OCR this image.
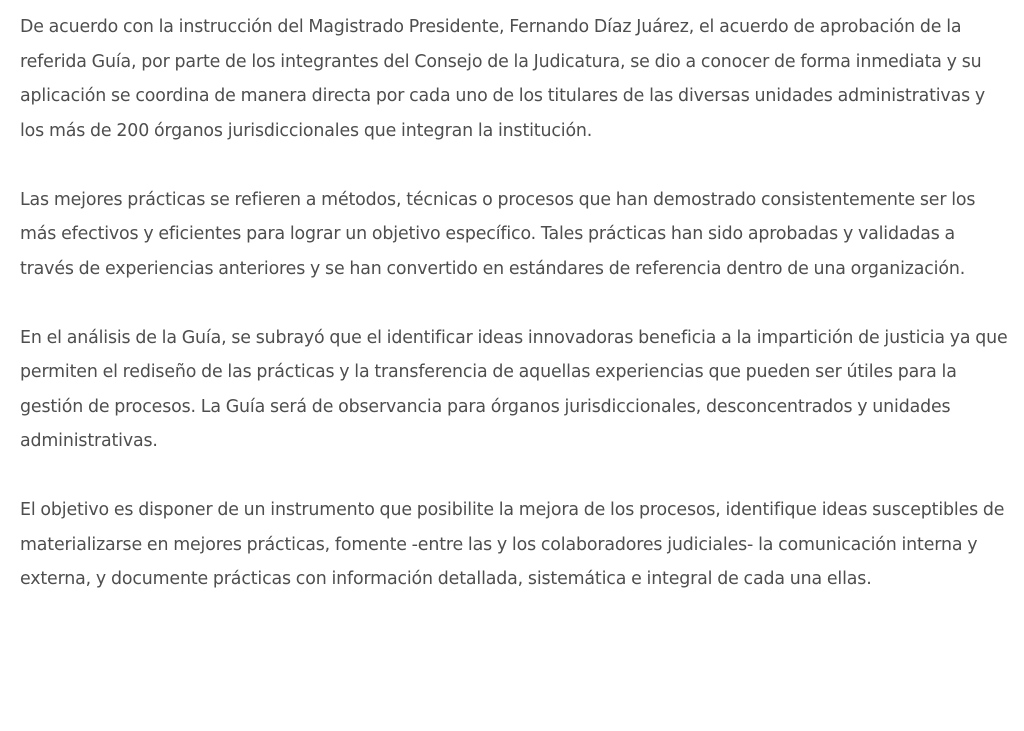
De acuerdo con la instrucción del Magistrado Presidente, Fernando Díaz Juárez, el acuerdo de aprobación de la referida Guía, por parte de los integrantes del Consejo de la Judicatura, se dio a conocer de forma inmediata y su aplicación se coordina de manera directa por cada uno de los titulares de las diversas unidades administrativas y los más de 200 órganos jurisdiccionales que integran la institución.

Las mejores prácticas se refieren a métodos, técnicas o procesos que han demostrado consistentemente ser los más efectivos y eficientes para lograr un objetivo específico. Tales prácticas han sido aprobadas y validadas a través de experiencias anteriores y se han convertido en estándares de referencia dentro de una organización.

En el análisis de la Guía, se subrayó que el identificar ideas innovadoras beneficia a la impartición de justicia ya que permiten el rediseño de las prácticas y la transferencia de aquellas experiencias que pueden ser útiles para la gestión de procesos. La Guía será de observancia para órganos jurisdiccionales, desconcentrados y unidades administrativas.

El objetivo es disponer de un instrumento que posibilite la mejora de los procesos, identifique ideas susceptibles de materializarse en mejores prácticas, fomente -entre las y los colaboradores judiciales- la comunicación interna y externa, y documente prácticas con información detallada, sistemática e integral de cada una ellas.
